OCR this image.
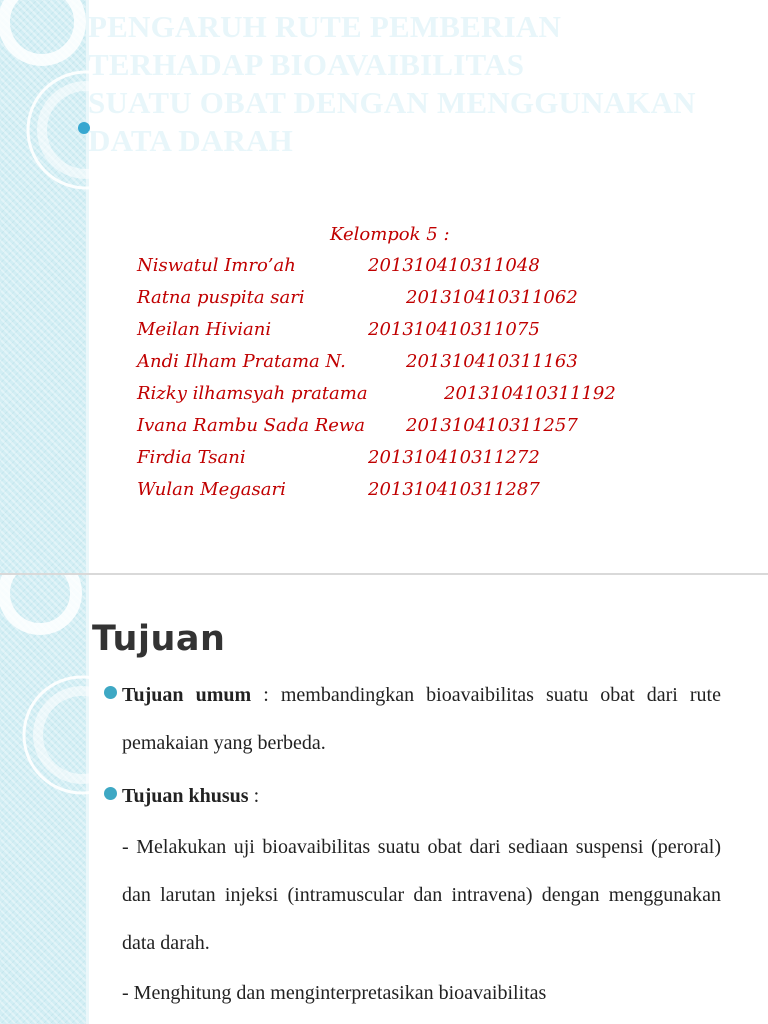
PENGARUH RUTE PEMBERIAN
TERHADAP BIOAVAIBILITAS
SUATU OBAT DENGAN MENGGUNAKAN
DATA DARAH

Kelompok 5 :

Niswatul Imro’ah	201310410311048
Ratna puspita sari	201310410311062
Meilan Hiviani	201310410311075
Andi Ilham Pratama N.	201310410311163
Rizky ilhamsyah pratama	201310410311192
Ivana Rambu Sada Rewa 201310410311257
Firdia Tsani	201310410311272
Wulan Megasari	201310410311287
Tujuan

Tujuan umum : membandingkan bioavaibilitas suatu obat dari rute pemakaian yang berbeda.

Tujuan khusus :

- Melakukan uji bioavaibilitas suatu obat dari sediaan suspensi (peroral) dan larutan injeksi (intramuscular dan intravena) dengan menggunakan data darah.

- Menghitung dan menginterpretasikan bioavaibilitas
